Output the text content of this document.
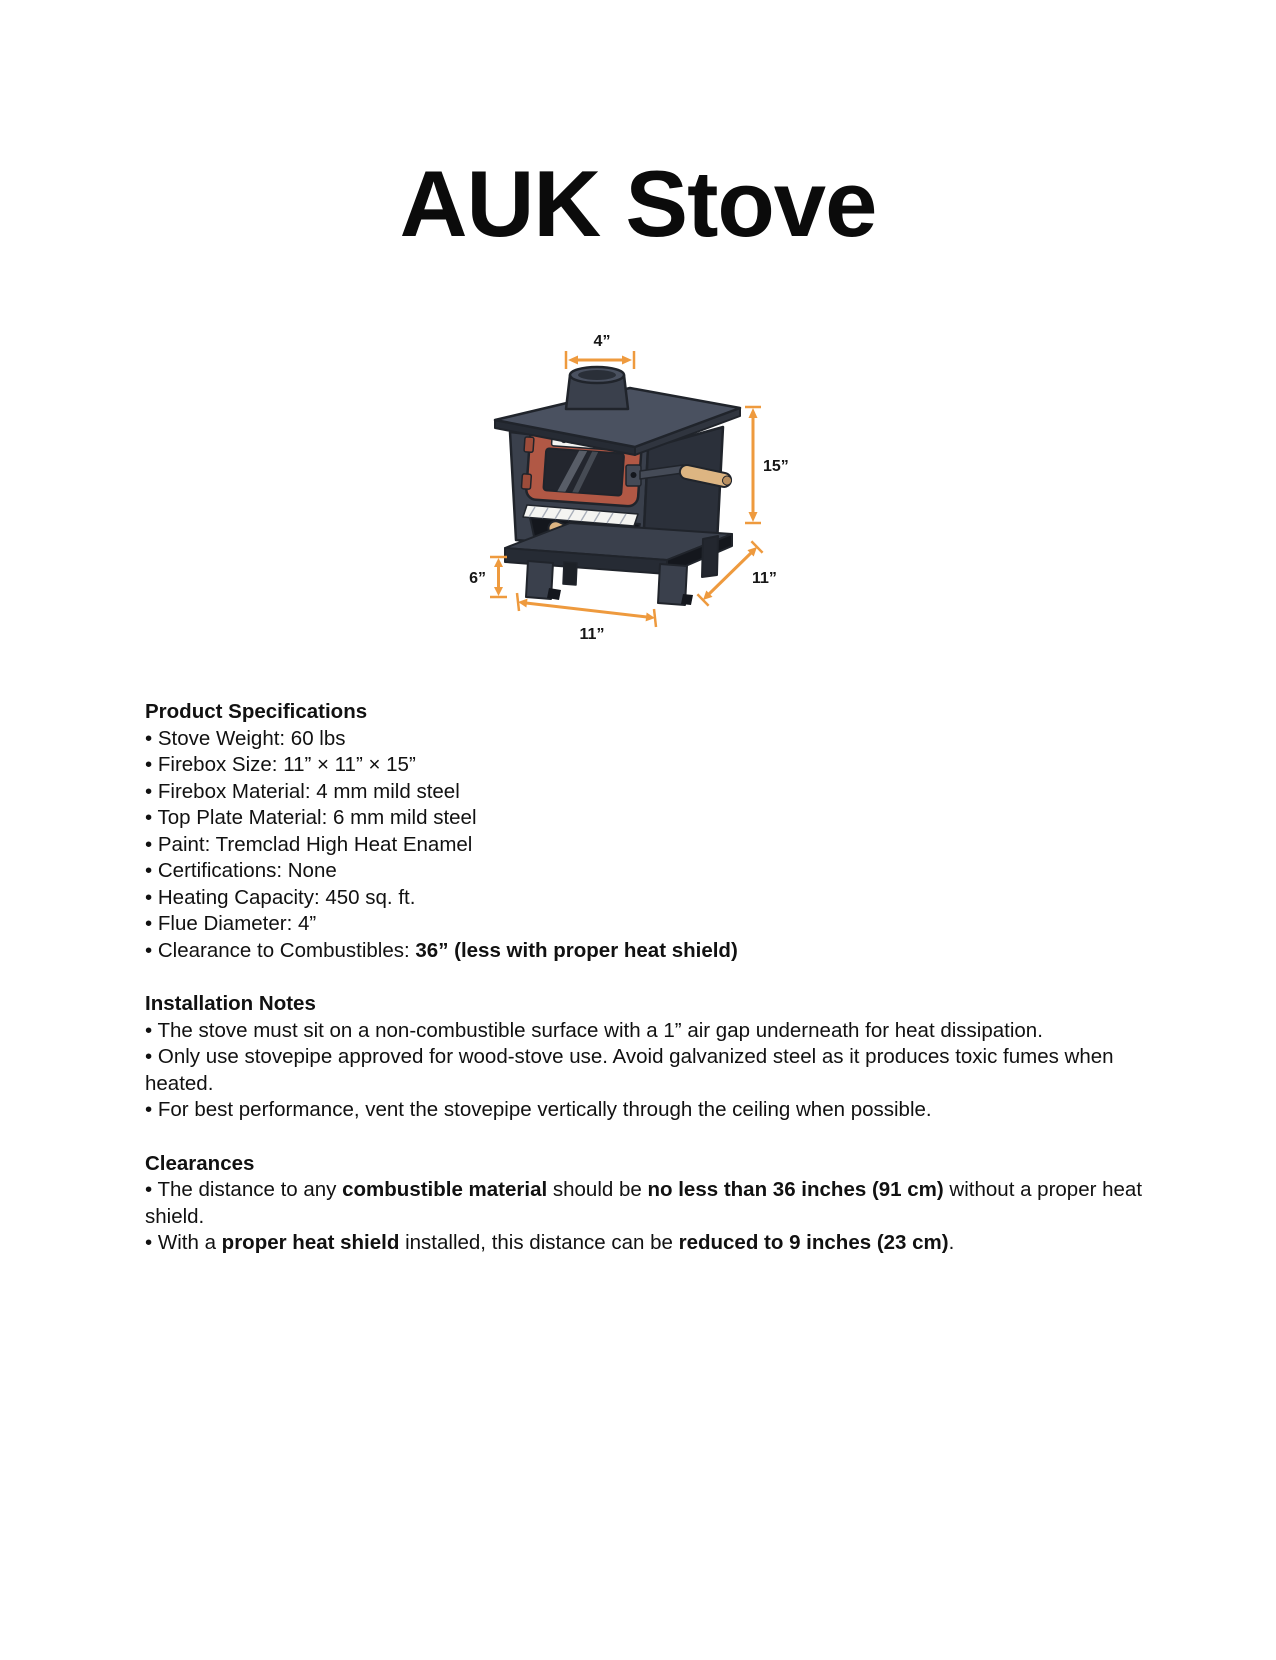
AUK Stove
4”
15”
11”
6”
11”
Product Specifications
• Stove Weight: 60 lbs
• Firebox Size: 11” × 11” × 15”
• Firebox Material: 4 mm mild steel
• Top Plate Material: 6 mm mild steel
• Paint: Tremclad High Heat Enamel
• Certifications: None
• Heating Capacity: 450 sq. ft.
• Flue Diameter: 4”
• Clearance to Combustibles: 36” (less with proper heat shield)
Installation Notes
• The stove must sit on a non-combustible surface with a 1” air gap underneath for heat dissipation.
• Only use stovepipe approved for wood-stove use. Avoid galvanized steel as it produces toxic fumes when heated.
• For best performance, vent the stovepipe vertically through the ceiling when possible.
Clearances
• The distance to any combustible material should be no less than 36 inches (91 cm) without a proper heat shield.
• With a proper heat shield installed, this distance can be reduced to 9 inches (23 cm).
